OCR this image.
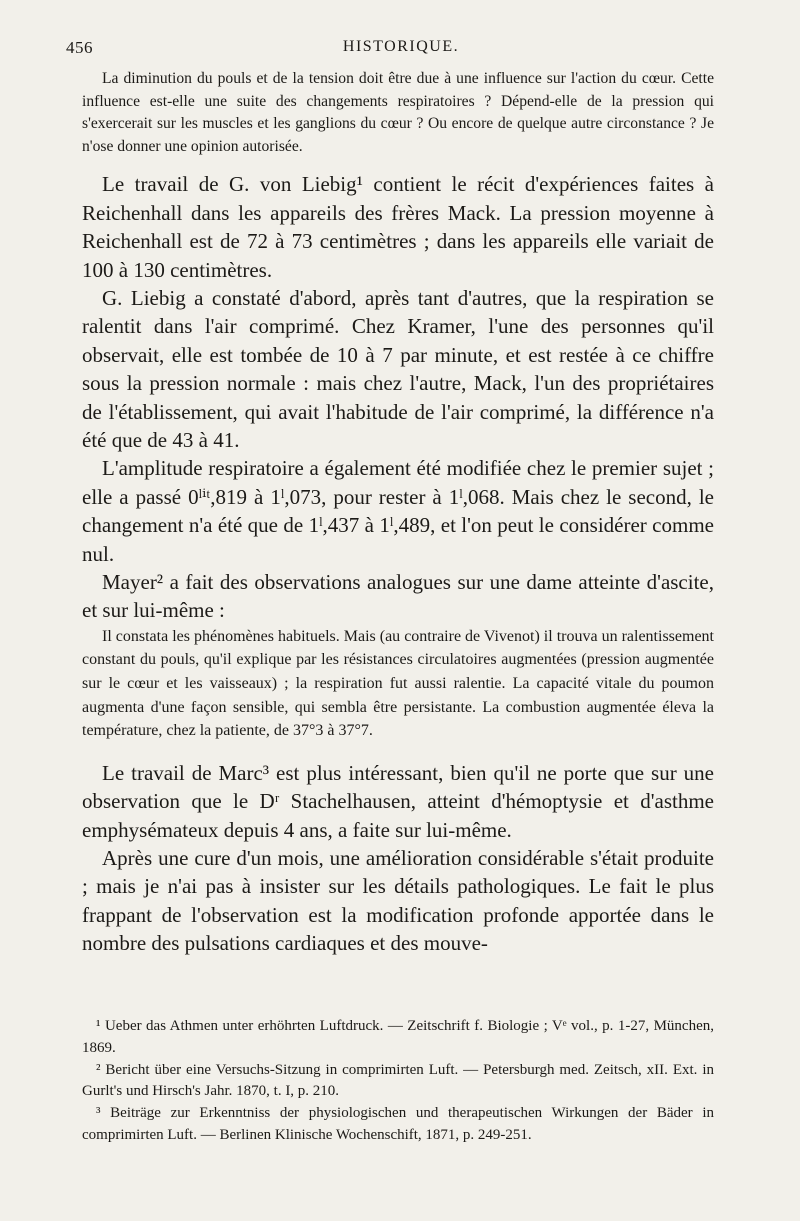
456	HISTORIQUE.

La diminution du pouls et de la tension doit être due à une influence sur l'action du cœur. Cette influence est-elle une suite des changements respiratoires ? Dépend-elle de la pression qui s'exercerait sur les muscles et les ganglions du cœur ? Ou encore de quelque autre circonstance ? Je n'ose donner une opinion autorisée.

Le travail de G. von Liebig¹ contient le récit d'expériences faites à Reichenhall dans les appareils des frères Mack. La pression moyenne à Reichenhall est de 72 à 73 centimètres ; dans les appareils elle variait de 100 à 130 centimètres.

G. Liebig a constaté d'abord, après tant d'autres, que la respiration se ralentit dans l'air comprimé. Chez Kramer, l'une des personnes qu'il observait, elle est tombée de 10 à 7 par minute, et est restée à ce chiffre sous la pression normale : mais chez l'autre, Mack, l'un des propriétaires de l'établissement, qui avait l'habitude de l'air comprimé, la différence n'a été que de 43 à 41.

L'amplitude respiratoire a également été modifiée chez le premier sujet ; elle a passé 0ˡⁱᵗ,819 à 1ˡ,073, pour rester à 1ˡ,068. Mais chez le second, le changement n'a été que de 1ˡ,437 à 1ˡ,489, et l'on peut le considérer comme nul.

Mayer² a fait des observations analogues sur une dame atteinte d'ascite, et sur lui-même :

Il constata les phénomènes habituels. Mais (au contraire de Vivenot) il trouva un ralentissement constant du pouls, qu'il explique par les résistances circulatoires augmentées (pression augmentée sur le cœur et les vaisseaux) ; la respiration fut aussi ralentie. La capacité vitale du poumon augmenta d'une façon sensible, qui sembla être persistante. La combustion augmentée éleva la température, chez la patiente, de 37°3 à 37°7.

Le travail de Marc³ est plus intéressant, bien qu'il ne porte que sur une observation que le Dʳ Stachelhausen, atteint d'hémoptysie et d'asthme emphysémateux depuis 4 ans, a faite sur lui-même.

Après une cure d'un mois, une amélioration considérable s'était produite ; mais je n'ai pas à insister sur les détails pathologiques. Le fait le plus frappant de l'observation est la modification profonde apportée dans le nombre des pulsations cardiaques et des mouve-

¹ Ueber das Athmen unter erhöhrten Luftdruck. — Zeitschrift f. Biologie ; Vᵉ vol., p. 1-27, München, 1869.

² Bericht über eine Versuchs-Sitzung in comprimirten Luft. — Petersburgh med. Zeitsch, xII. Ext. in Gurlt's und Hirsch's Jahr. 1870, t. I, p. 210.

³ Beiträge zur Erkenntniss der physiologischen und therapeutischen Wirkungen der Bäder in comprimirten Luft. — Berlinen Klinische Wochenschift, 1871, p. 249-251.
